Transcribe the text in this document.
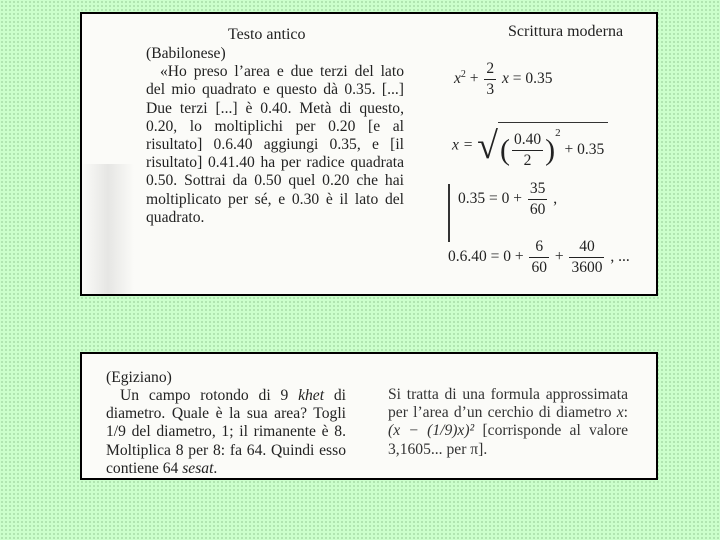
Testo antico	Scrittura moderna

(Babilonese)
«Ho preso l’area e due terzi del lato del mio quadrato e questo dà 0.35. [...] Due terzi [...] è 0.40. Metà di questo, 0.20, lo moltiplichi per 0.20 [e al risultato] 0.6.40 aggiungi 0.35, e [il risultato] 0.41.40 ha per radice quadrata 0.50. Sottrai da 0.50 quel 0.20 che hai moltiplicato per sé, e 0.30 è il lato del quadrato.

$x^2 + \frac{2}{3}$ x = 0.35
x = √( $\frac{0.40}{2} )^2 + 0.35$
$0.35 = 0 + \frac{35}{60}$ ,
$0.6.40 = 0 + \frac{6}{60} + \frac{40}{3600}$ , ...
(Egiziano)

Un campo rotondo di 9 khet di diametro. Quale è la sua area? Togli 1/9 del diametro, 1; il rimanente è 8. Moltiplica 8 per 8: fa 64. Quindi esso contiene 64 sesat.

Si tratta di una formula approssimata per l’area d’un cerchio di diametro x: (x − (1/9)x)² [corrisponde al valore 3,1605... per π].
